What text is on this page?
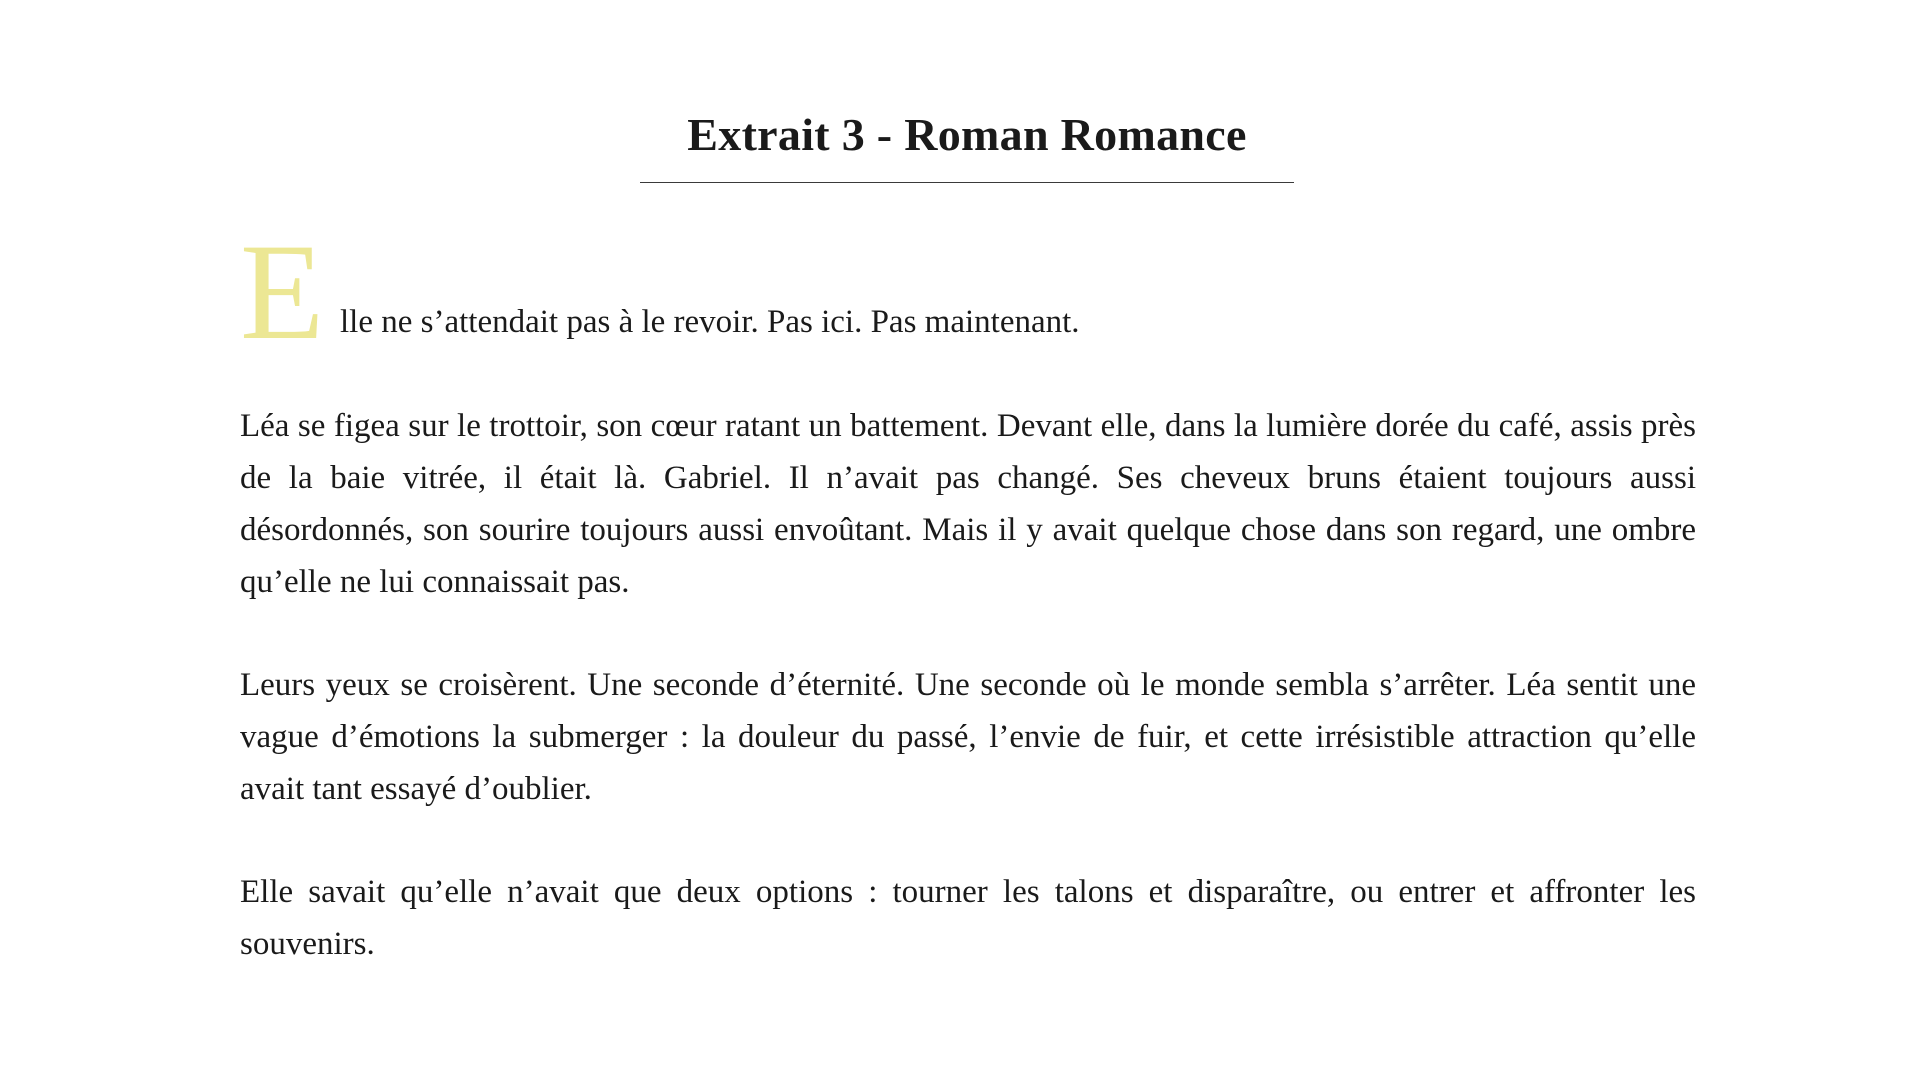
Extrait 3 - Roman Romance

E lle ne s’attendait pas à le revoir. Pas ici. Pas maintenant.

Léa se figea sur le trottoir, son cœur ratant un battement. Devant elle, dans la lumière dorée du café, assis près de la baie vitrée, il était là. Gabriel. Il n’avait pas changé. Ses cheveux bruns étaient toujours aussi désordonnés, son sourire toujours aussi envoûtant. Mais il y avait quelque chose dans son regard, une ombre qu’elle ne lui connaissait pas.

Leurs yeux se croisèrent. Une seconde d’éternité. Une seconde où le monde sembla s’arrêter. Léa sentit une vague d’émotions la submerger : la douleur du passé, l’envie de fuir, et cette irrésistible attraction qu’elle avait tant essayé d’oublier.

Elle savait qu’elle n’avait que deux options : tourner les talons et disparaître, ou entrer et affronter les souvenirs.
